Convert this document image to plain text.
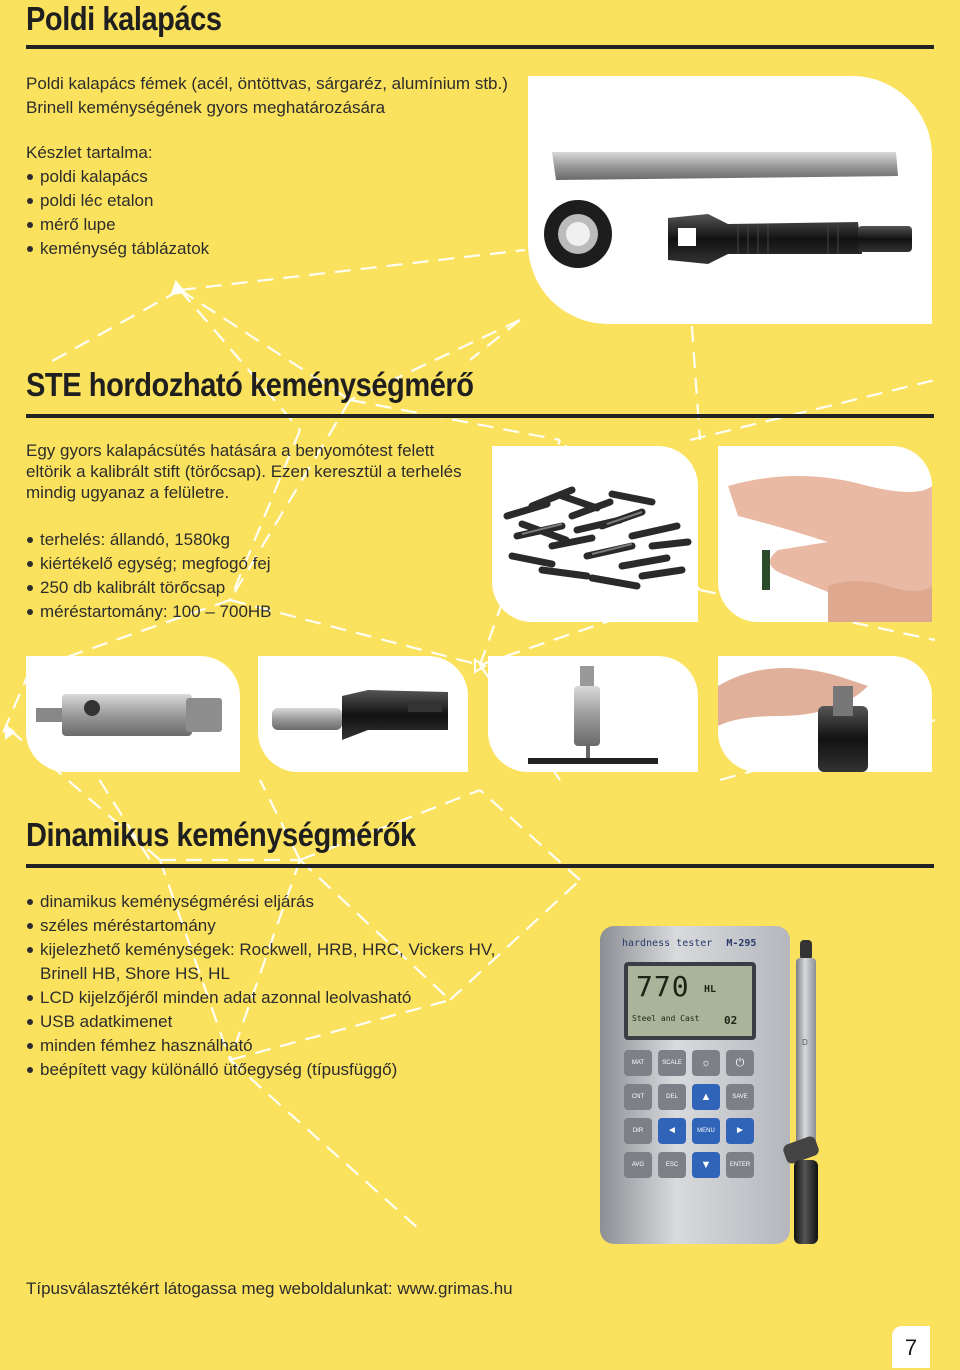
Poldi kalapács

Poldi kalapács fémek (acél, öntöttvas, sárgaréz, alumínium stb.)

Brinell keménységének gyors meghatározására

Készlet tartalma:
poldi kalapács
poldi léc etalon
mérő lupe
keménység táblázatok
STE hordozható keménységmérő

Egy gyors kalapácsütés hatására a benyomótest felett

eltörik a kalibrált stift (törőcsap). Ezen keresztül a terhelés

mindig ugyanaz a felületre.

terhelés: állandó, 1580kg
kiértékelő egység; megfogó fej
250 db kalibrált törőcsap
méréstartomány: 100 – 700HB
Dinamikus keménységmérők
dinamikus keménységmérési eljárás
széles méréstartomány
kijelezhető keménységek: Rockwell, HRB, HRC, Vickers HV,
Brinell HB, Shore HS, HL
LCD kijelzőjéről minden adat azonnal leolvasható
USB adatkimenet
minden fémhez használható
beépített vagy különálló ütőegység (típusfüggő)
hardness tester M-295
770 HL
Steel and Cast	02
MAT	SCALE	☼	⏻
CNT	DEL	▲	SAVE
DIR	◄	MENU	►
AVG	ESC	▼	ENTER
D
Típusválasztékért látogassa meg weboldalunkat: www.grimas.hu
7
